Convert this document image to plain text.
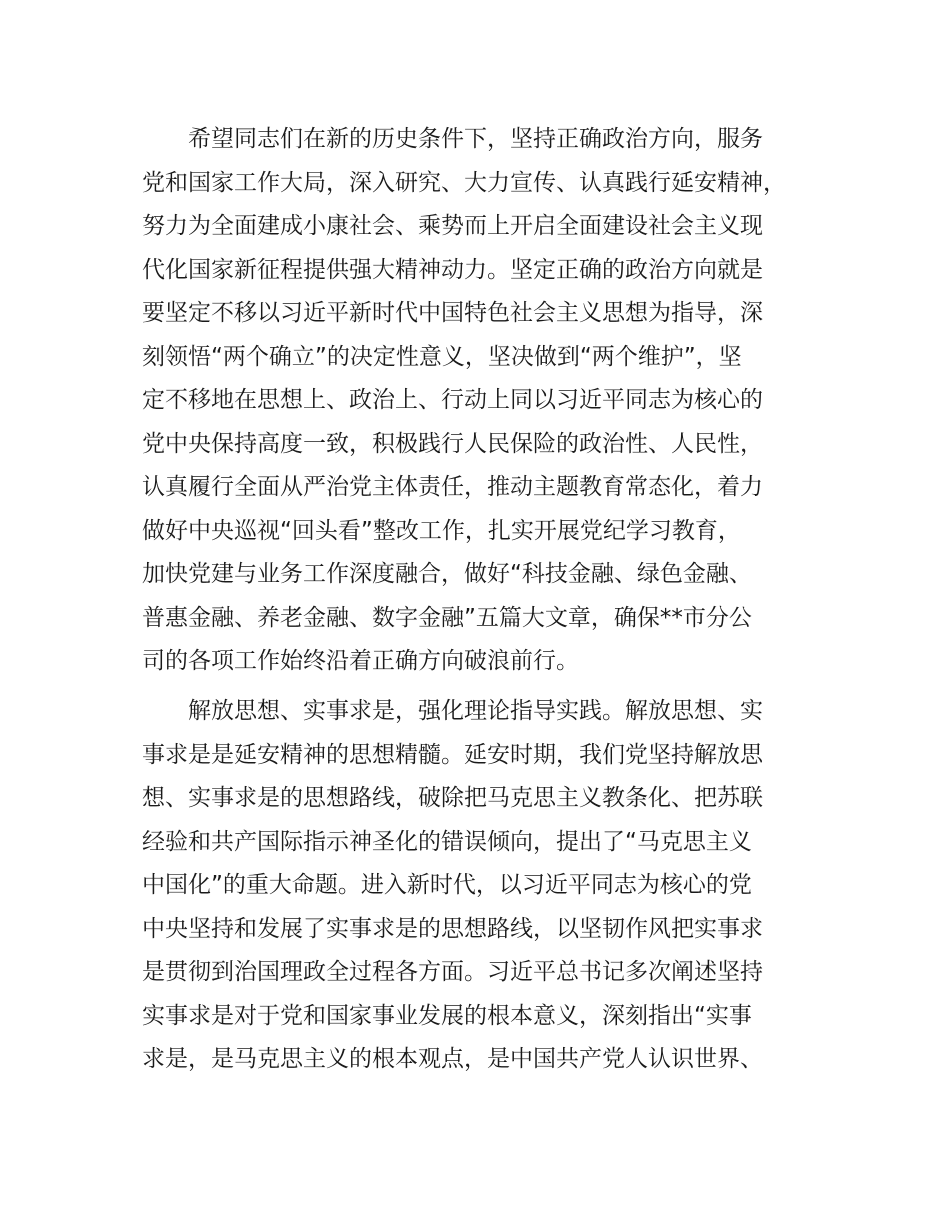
希望同志们在新的历史条件下，坚持正确政治方向，服务
党和国家工作大局，深入研究、大力宣传、认真践行延安精神，
努力为全面建成小康社会、乘势而上开启全面建设社会主义现
代化国家新征程提供强大精神动力。坚定正确的政治方向就是
要坚定不移以习近平新时代中国特色社会主义思想为指导，深
刻领悟“两个确立”的决定性意义，坚决做到“两个维护”，坚
定不移地在思想上、政治上、行动上同以习近平同志为核心的
党中央保持高度一致，积极践行人民保险的政治性、人民性，
认真履行全面从严治党主体责任，推动主题教育常态化，着力
做好中央巡视“回头看”整改工作，扎实开展党纪学习教育，
加快党建与业务工作深度融合，做好“科技金融、绿色金融、
普惠金融、养老金融、数字金融”五篇大文章，确保**市分公
司的各项工作始终沿着正确方向破浪前行。
解放思想、实事求是，强化理论指导实践。解放思想、实
事求是是延安精神的思想精髓。延安时期，我们党坚持解放思
想、实事求是的思想路线，破除把马克思主义教条化、把苏联
经验和共产国际指示神圣化的错误倾向，提出了“马克思主义
中国化”的重大命题。进入新时代，以习近平同志为核心的党
中央坚持和发展了实事求是的思想路线，以坚韧作风把实事求
是贯彻到治国理政全过程各方面。习近平总书记多次阐述坚持
实事求是对于党和国家事业发展的根本意义，深刻指出“实事
求是，是马克思主义的根本观点，是中国共产党人认识世界、
